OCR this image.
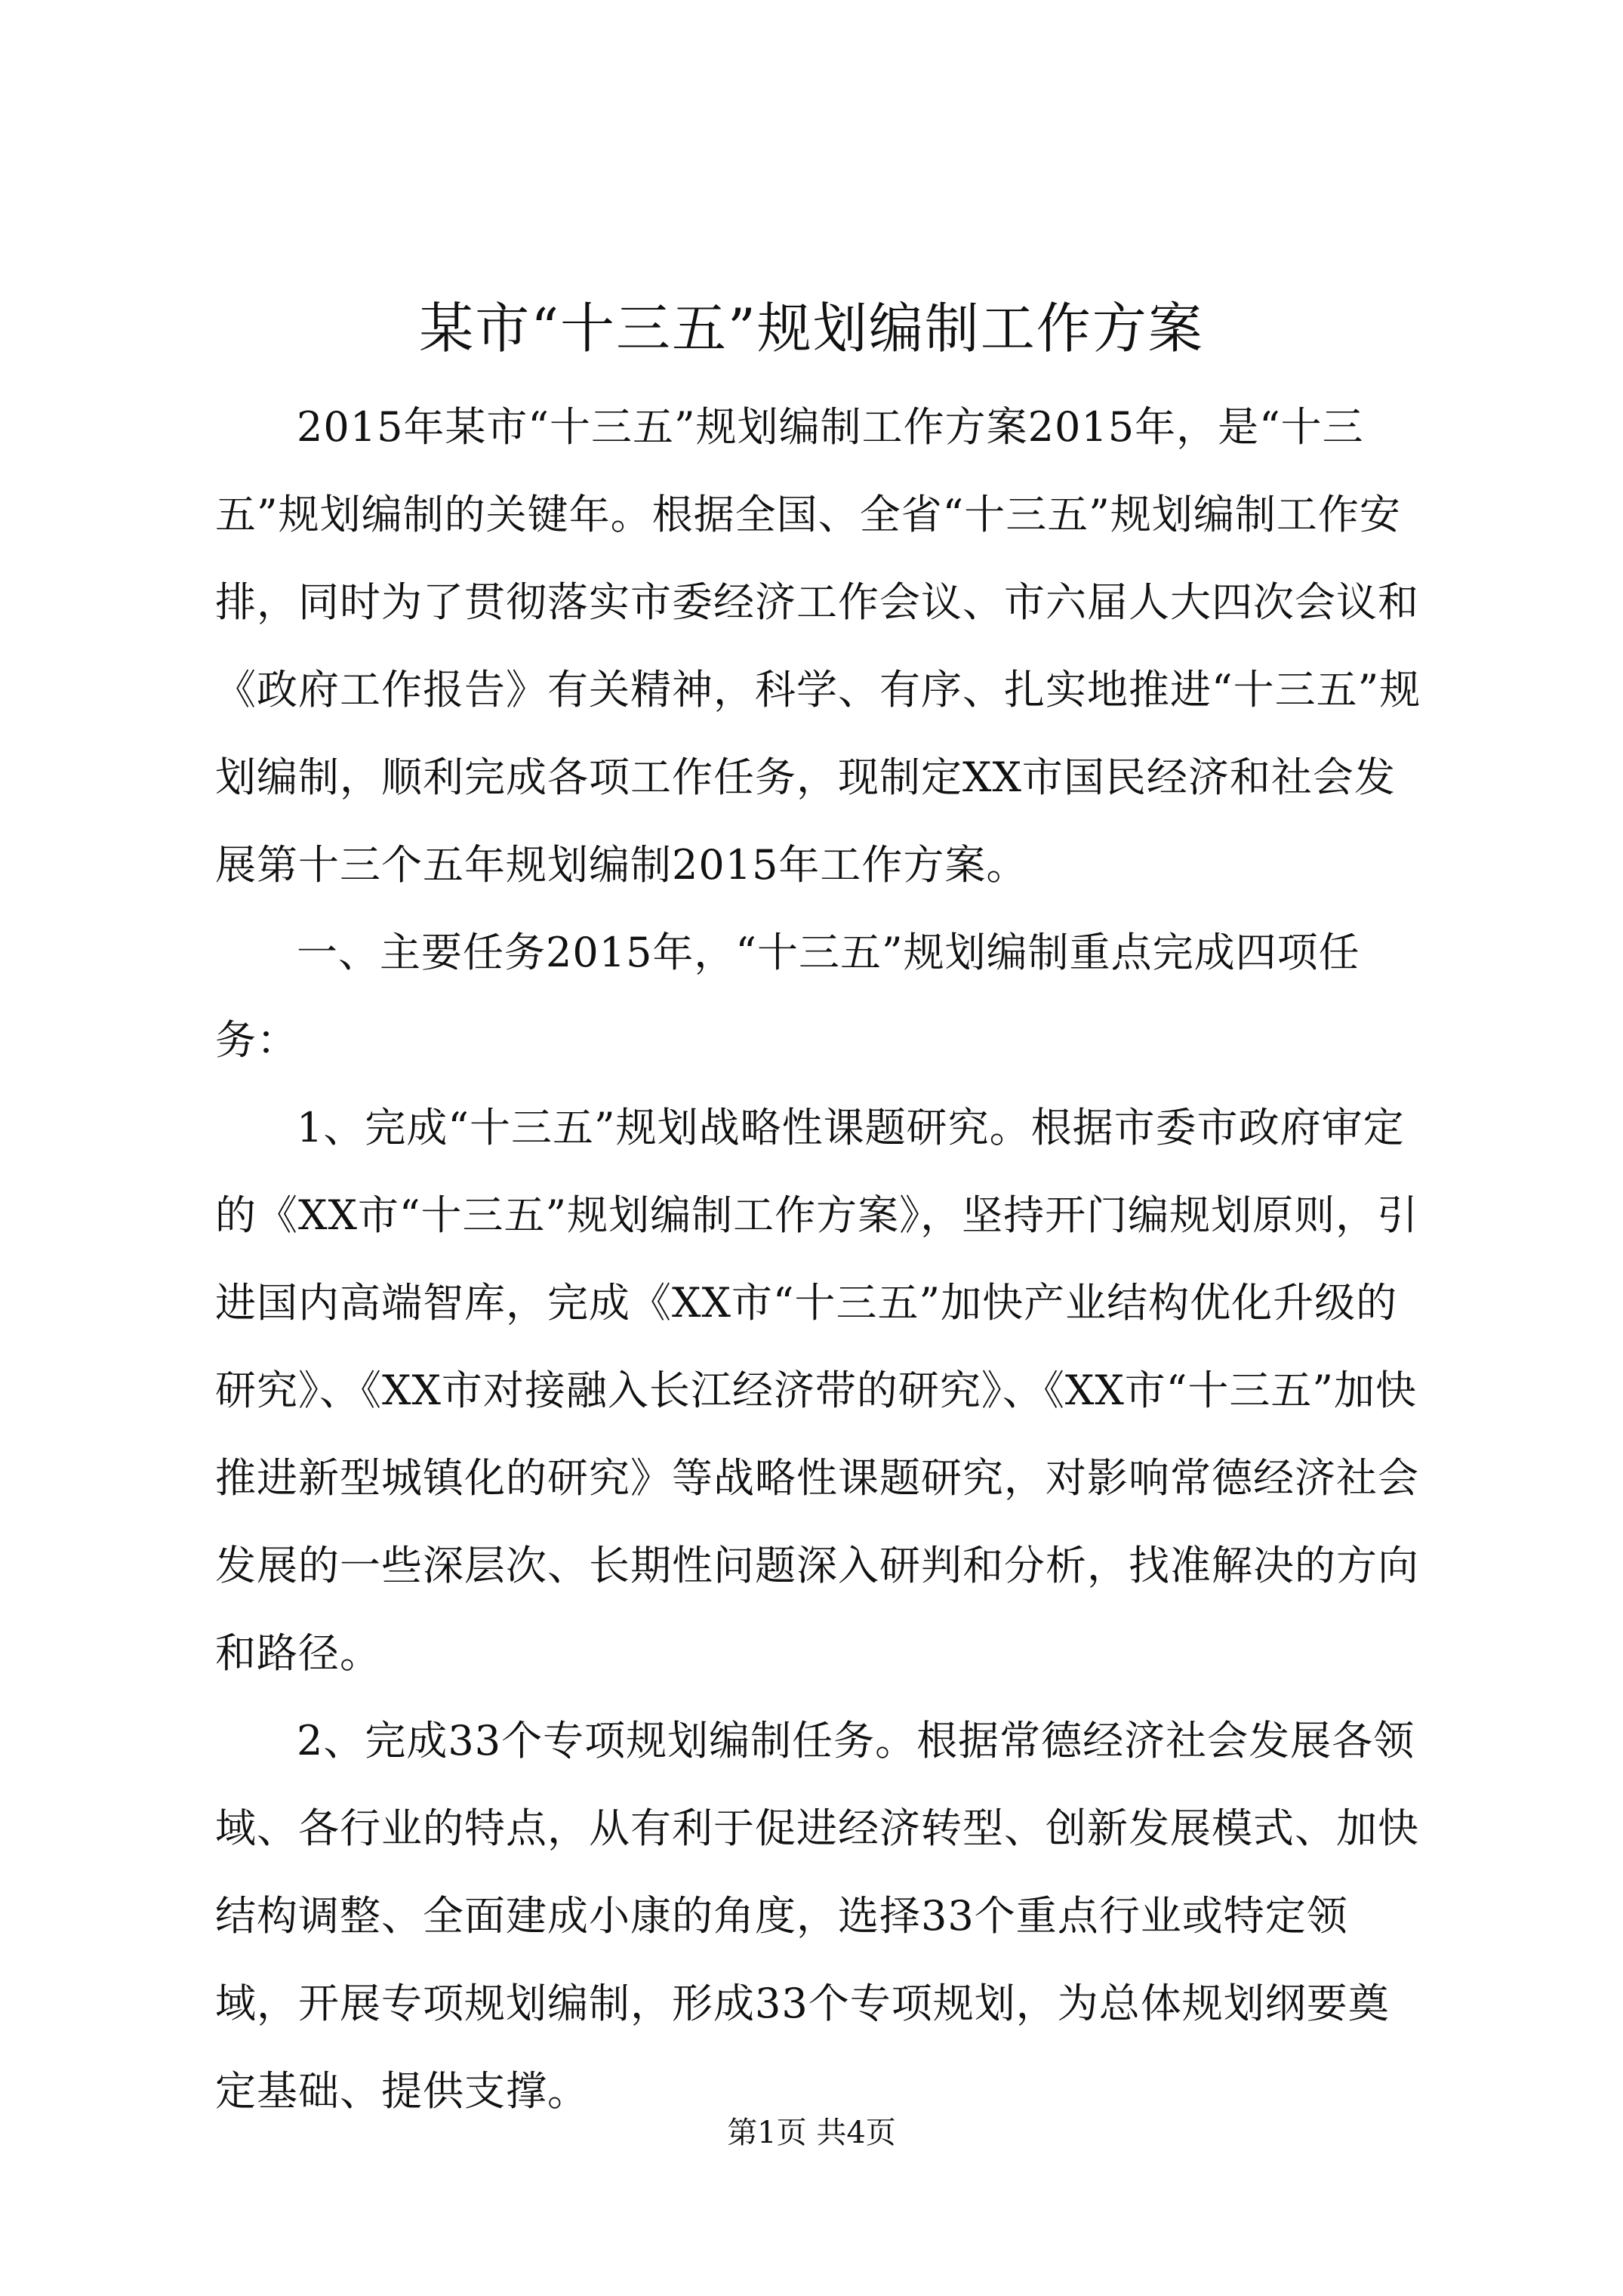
某市“十三五”规划编制工作方案

2015年某市“十三五”规划编制工作方案2015年，是“十三五”规划编制的关键年。根据全国、全省“十三五”规划编制工作安排，同时为了贯彻落实市委经济工作会议、市六届人大四次会议和《政府工作报告》有关精神，科学、有序、扎实地推进“十三五”规划编制，顺利完成各项工作任务，现制定XX市国民经济和社会发展第十三个五年规划编制2015年工作方案。

一、主要任务2015年，“十三五”规划编制重点完成四项任务：

1、完成“十三五”规划战略性课题研究。根据市委市政府审定的《XX市“十三五”规划编制工作方案》，坚持开门编规划原则，引进国内高端智库，完成《XX市“十三五”加快产业结构优化升级的研究》、《XX市对接融入长江经济带的研究》、《XX市“十三五”加快推进新型城镇化的研究》等战略性课题研究，对影响常德经济社会发展的一些深层次、长期性问题深入研判和分析，找准解决的方向和路径。

2、完成33个专项规划编制任务。根据常德经济社会发展各领域、各行业的特点，从有利于促进经济转型、创新发展模式、加快结构调整、全面建成小康的角度，选择33个重点行业或特定领域，开展专项规划编制，形成33个专项规划，为总体规划纲要奠定基础、提供支撑。

第1页 共4页
